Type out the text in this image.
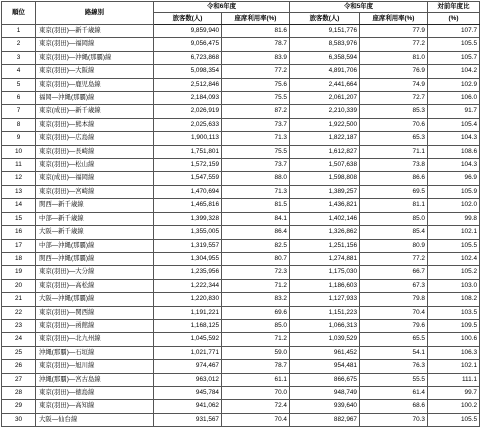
順位	路線別	令和6年度		令和5年度		対前年度比
		旅客数(人)	座席利用率(%)	旅客数(人)	座席利用率(%)	(%)
1	東京(羽田)―新千歳線	9,859,940	81.6	9,151,776	77.9	107.7
2	東京(羽田)―福岡線	9,056,475	78.7	8,583,976	77.2	105.5
3	東京(羽田)―沖縄(那覇)線	6,723,868	83.9	6,358,594	81.0	105.7
4	東京(羽田)―大阪線	5,098,354	77.2	4,891,706	76.9	104.2
5	東京(羽田)―鹿児島線	2,512,846	75.6	2,441,664	74.9	102.9
6	福岡―沖縄(那覇)線	2,184,093	75.5	2,061,207	72.7	106.0
7	東京(成田)―新千歳線	2,026,919	87.2	2,210,339	85.3	91.7
8	東京(羽田)―熊本線	2,025,633	73.7	1,922,500	70.6	105.4
9	東京(羽田)―広島線	1,900,113	71.3	1,822,187	65.3	104.3
10	東京(羽田)―長崎線	1,751,801	75.5	1,612,827	71.1	108.6
11	東京(羽田)―松山線	1,572,159	73.7	1,507,638	73.8	104.3
12	東京(成田)―福岡線	1,547,559	88.0	1,598,808	86.6	96.9
13	東京(羽田)―宮崎線	1,470,694	71.3	1,389,257	69.5	105.9
14	関西―新千歳線	1,465,816	81.5	1,436,821	81.1	102.0
15	中部―新千歳線	1,399,328	84.1	1,402,146	85.0	99.8
16	大阪―新千歳線	1,355,005	86.4	1,326,862	85.4	102.1
17	中部―沖縄(那覇)線	1,319,557	82.5	1,251,156	80.9	105.5
18	関西―沖縄(那覇)線	1,304,955	80.7	1,274,881	77.2	102.4
19	東京(羽田)―大分線	1,235,956	72.3	1,175,030	66.7	105.2
20	東京(羽田)―高松線	1,222,344	71.2	1,186,603	67.3	103.0
21	大阪―沖縄(那覇)線	1,220,830	83.2	1,127,933	79.8	108.2
22	東京(羽田)―関西線	1,191,221	69.6	1,151,223	70.4	103.5
23	東京(羽田)―函館線	1,168,125	85.0	1,066,313	79.6	109.5
24	東京(羽田)―北九州線	1,045,592	71.2	1,039,529	65.5	100.6
25	沖縄(那覇)―石垣線	1,021,771	59.0	961,452	54.1	106.3
26	東京(羽田)―旭川線	974,467	78.7	954,481	76.3	102.1
27	沖縄(那覇)―宮古島線	963,012	61.1	866,675	55.5	111.1
28	東京(羽田)―徳島線	945,784	70.0	948,749	61.4	99.7
29	東京(羽田)―高知線	941,062	72.4	939,640	68.6	100.2
30	大阪―仙台線	931,567	70.4	882,967	70.3	105.5
